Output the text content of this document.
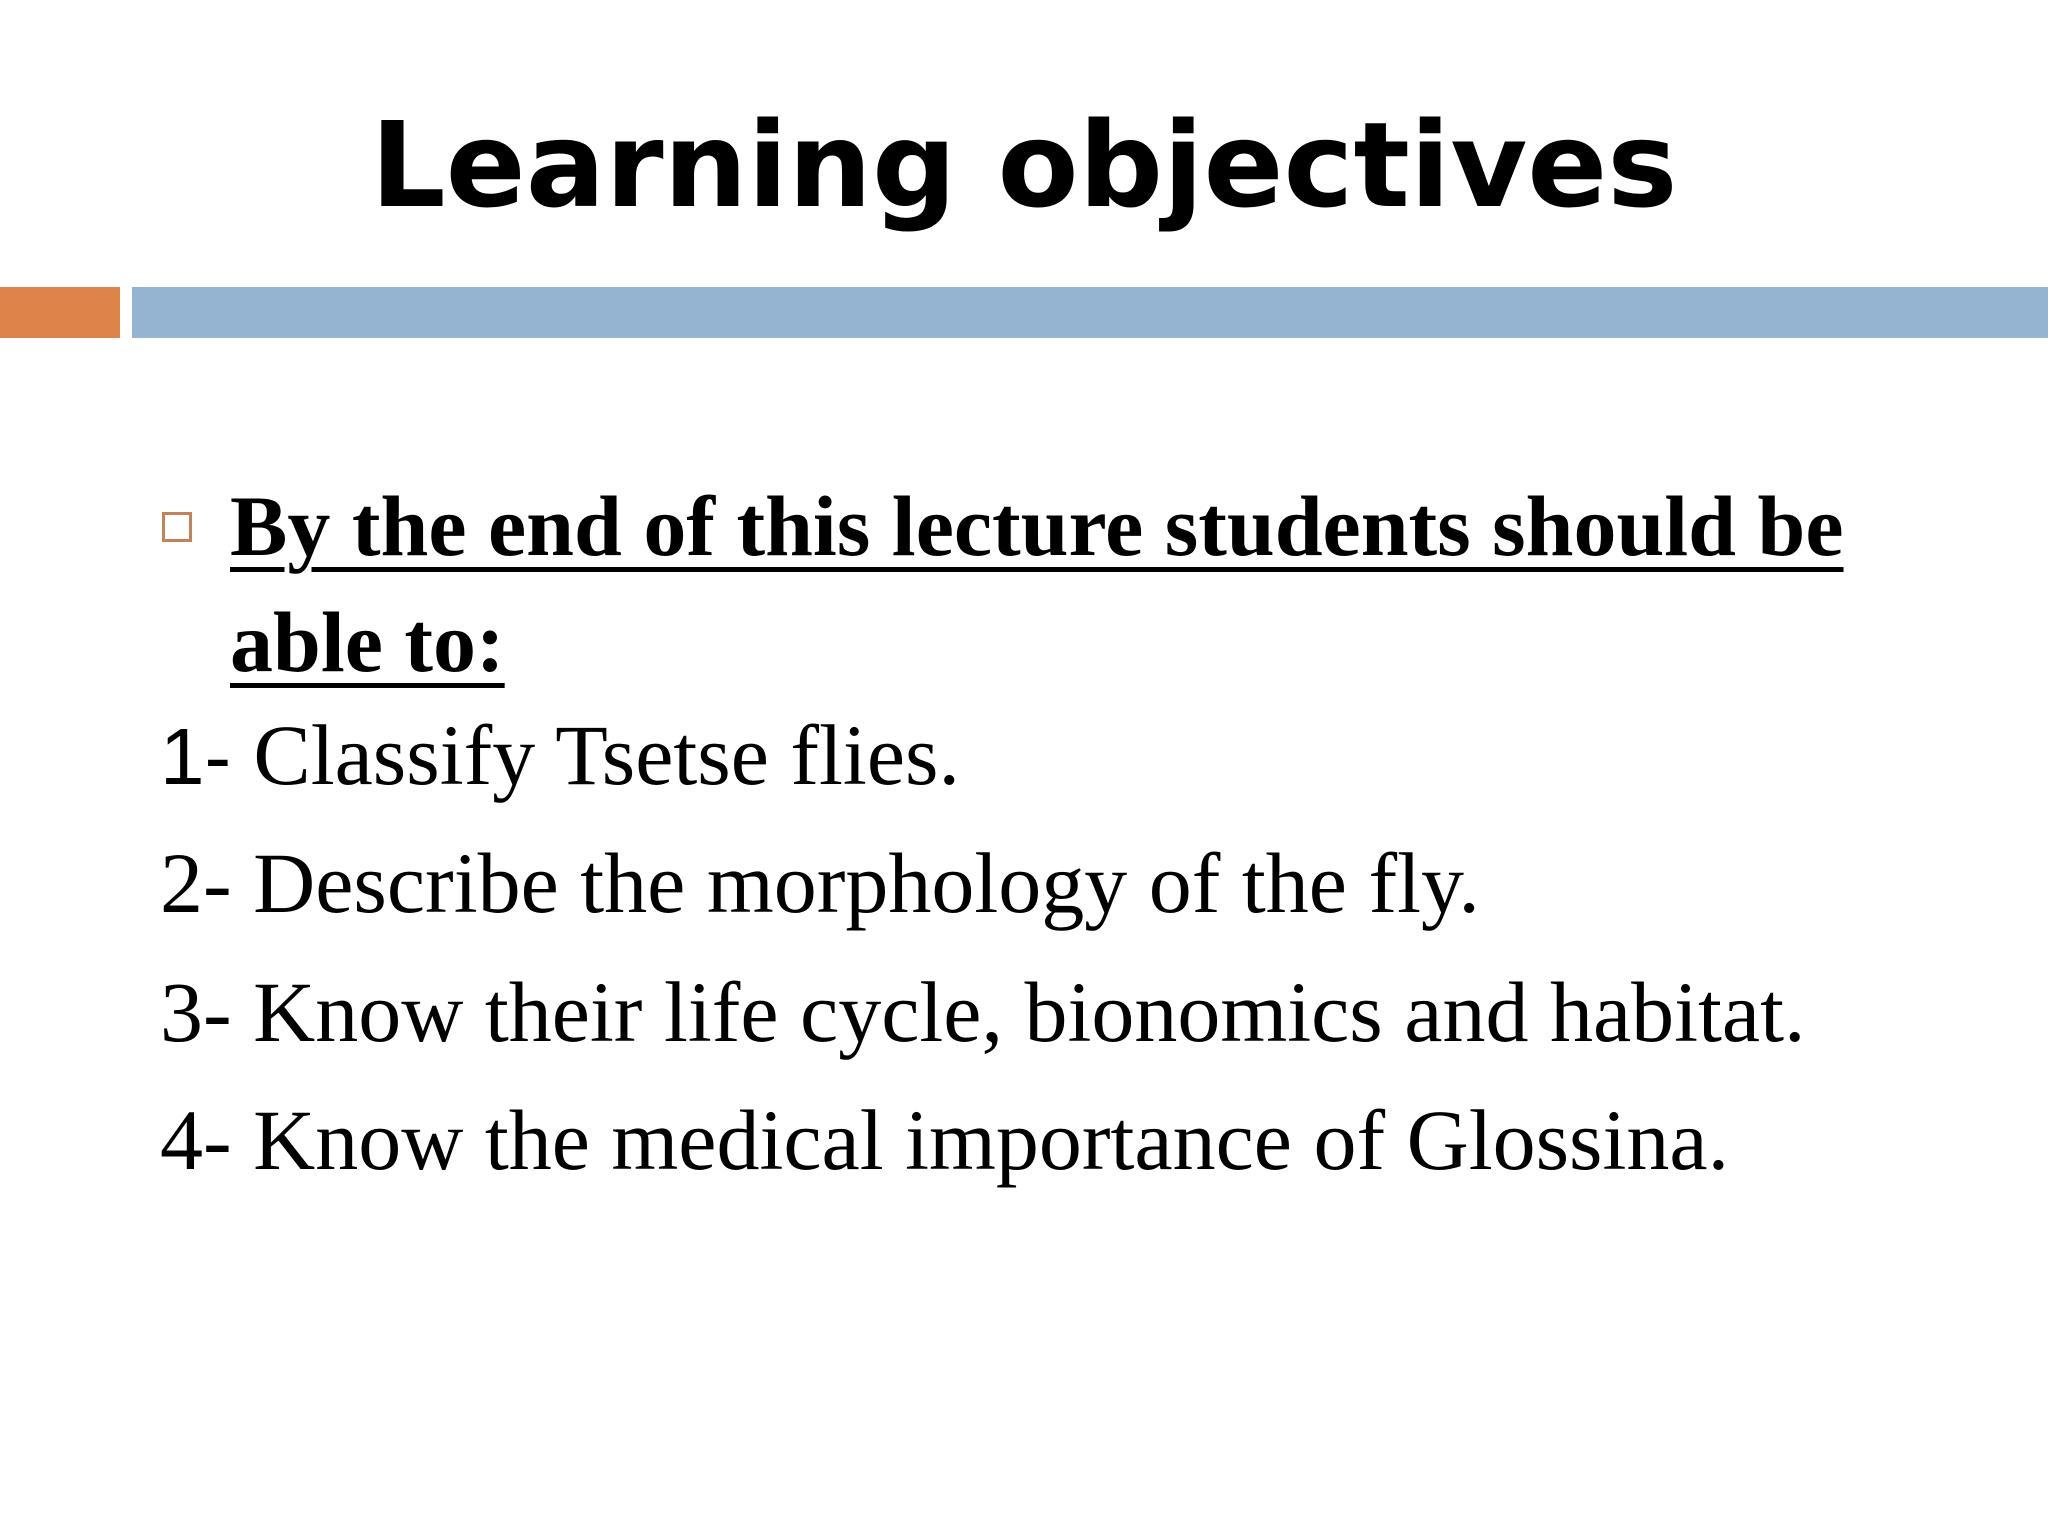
Learning objectives
By the end of this lecture students should be able to:
1- Classify Tsetse flies.
2- Describe the morphology of the fly.
3- Know their life cycle, bionomics and habitat.
4- Know the medical importance of Glossina.
